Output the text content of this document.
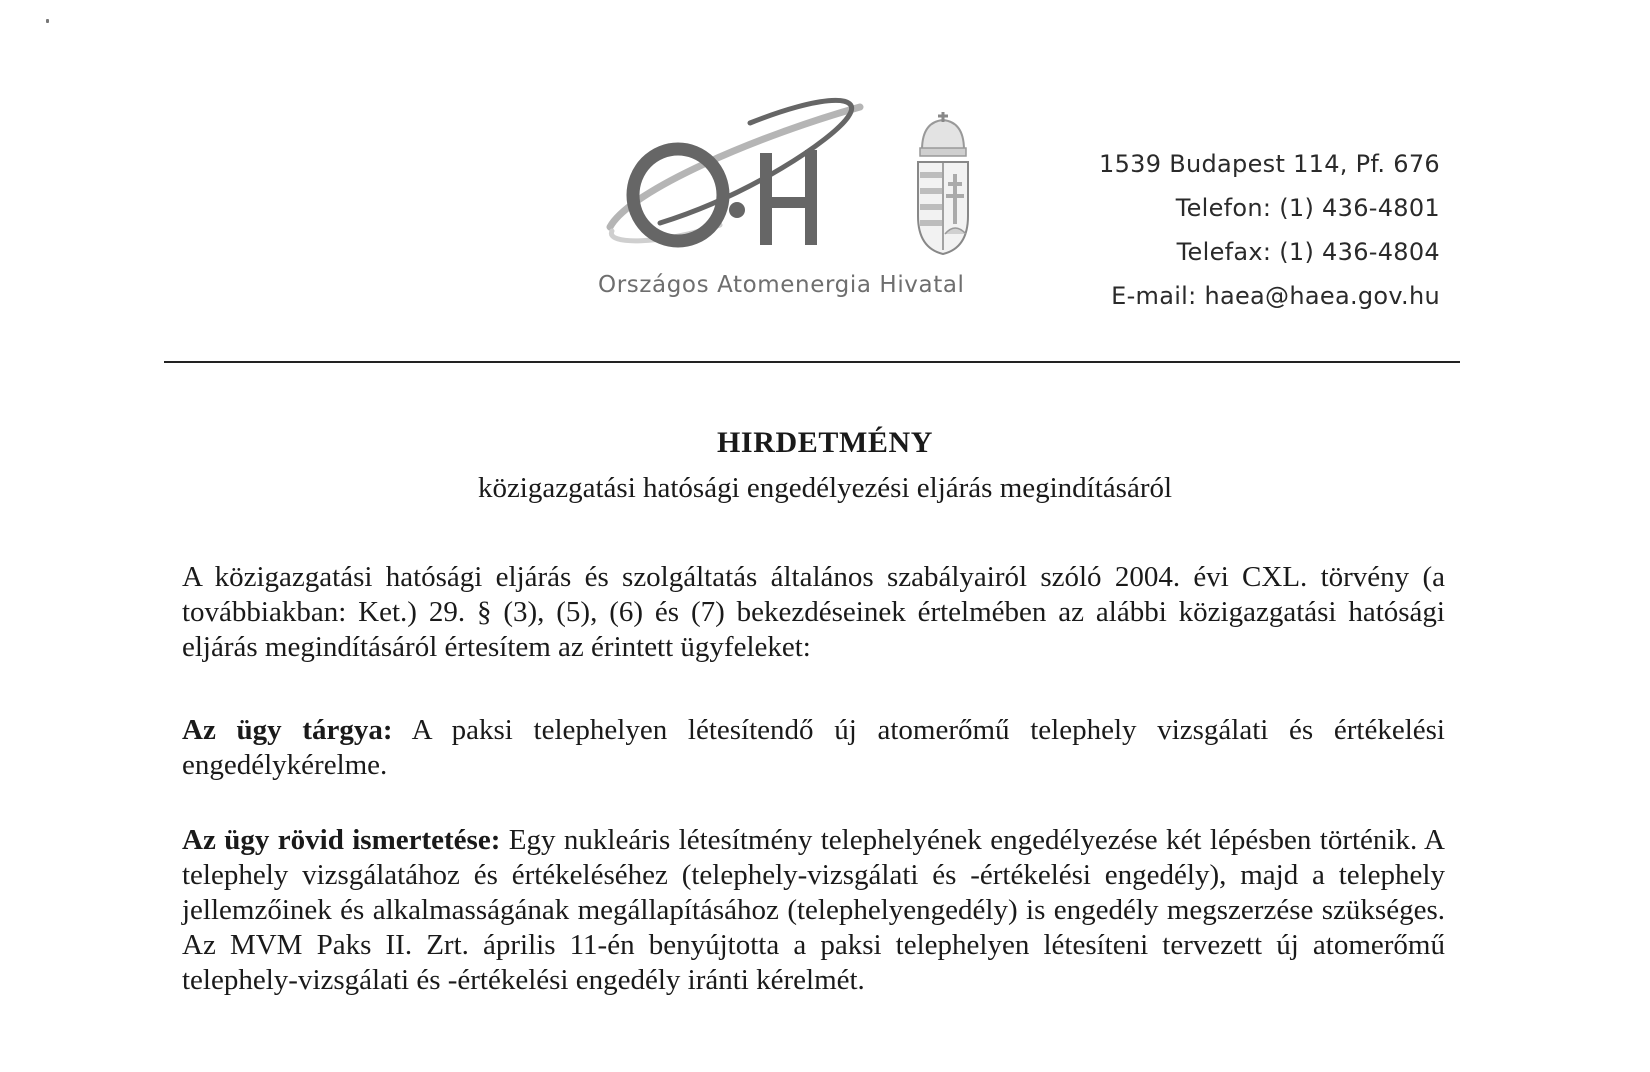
Országos Atomenergia Hivatal
1539 Budapest 114, Pf. 676
Telefon: (1) 436-4801
Telefax: (1) 436-4804
E-mail: haea@haea.gov.hu
HIRDETMÉNY
közigazgatási hatósági engedélyezési eljárás megindításáról
A közigazgatási hatósági eljárás és szolgáltatás általános szabályairól szóló 2004. évi CXL. törvény (a továbbiakban: Ket.) 29. § (3), (5), (6) és (7) bekezdéseinek értelmében az alábbi közigazgatási hatósági eljárás megindításáról értesítem az érintett ügyfeleket:
Az ügy tárgya: A paksi telephelyen létesítendő új atomerőmű telephely vizsgálati és értékelési engedélykérelme.
Az ügy rövid ismertetése: Egy nukleáris létesítmény telephelyének engedélyezése két lépésben történik. A telephely vizsgálatához és értékeléséhez (telephely-vizsgálati és -értékelési engedély), majd a telephely jellemzőinek és alkalmasságának megállapításához (telephelyengedély) is engedély megszerzése szükséges. Az MVM Paks II. Zrt. április 11-én benyújtotta a paksi telephelyen létesíteni tervezett új atomerőmű telephely-vizsgálati és -értékelési engedély iránti kérelmét.
